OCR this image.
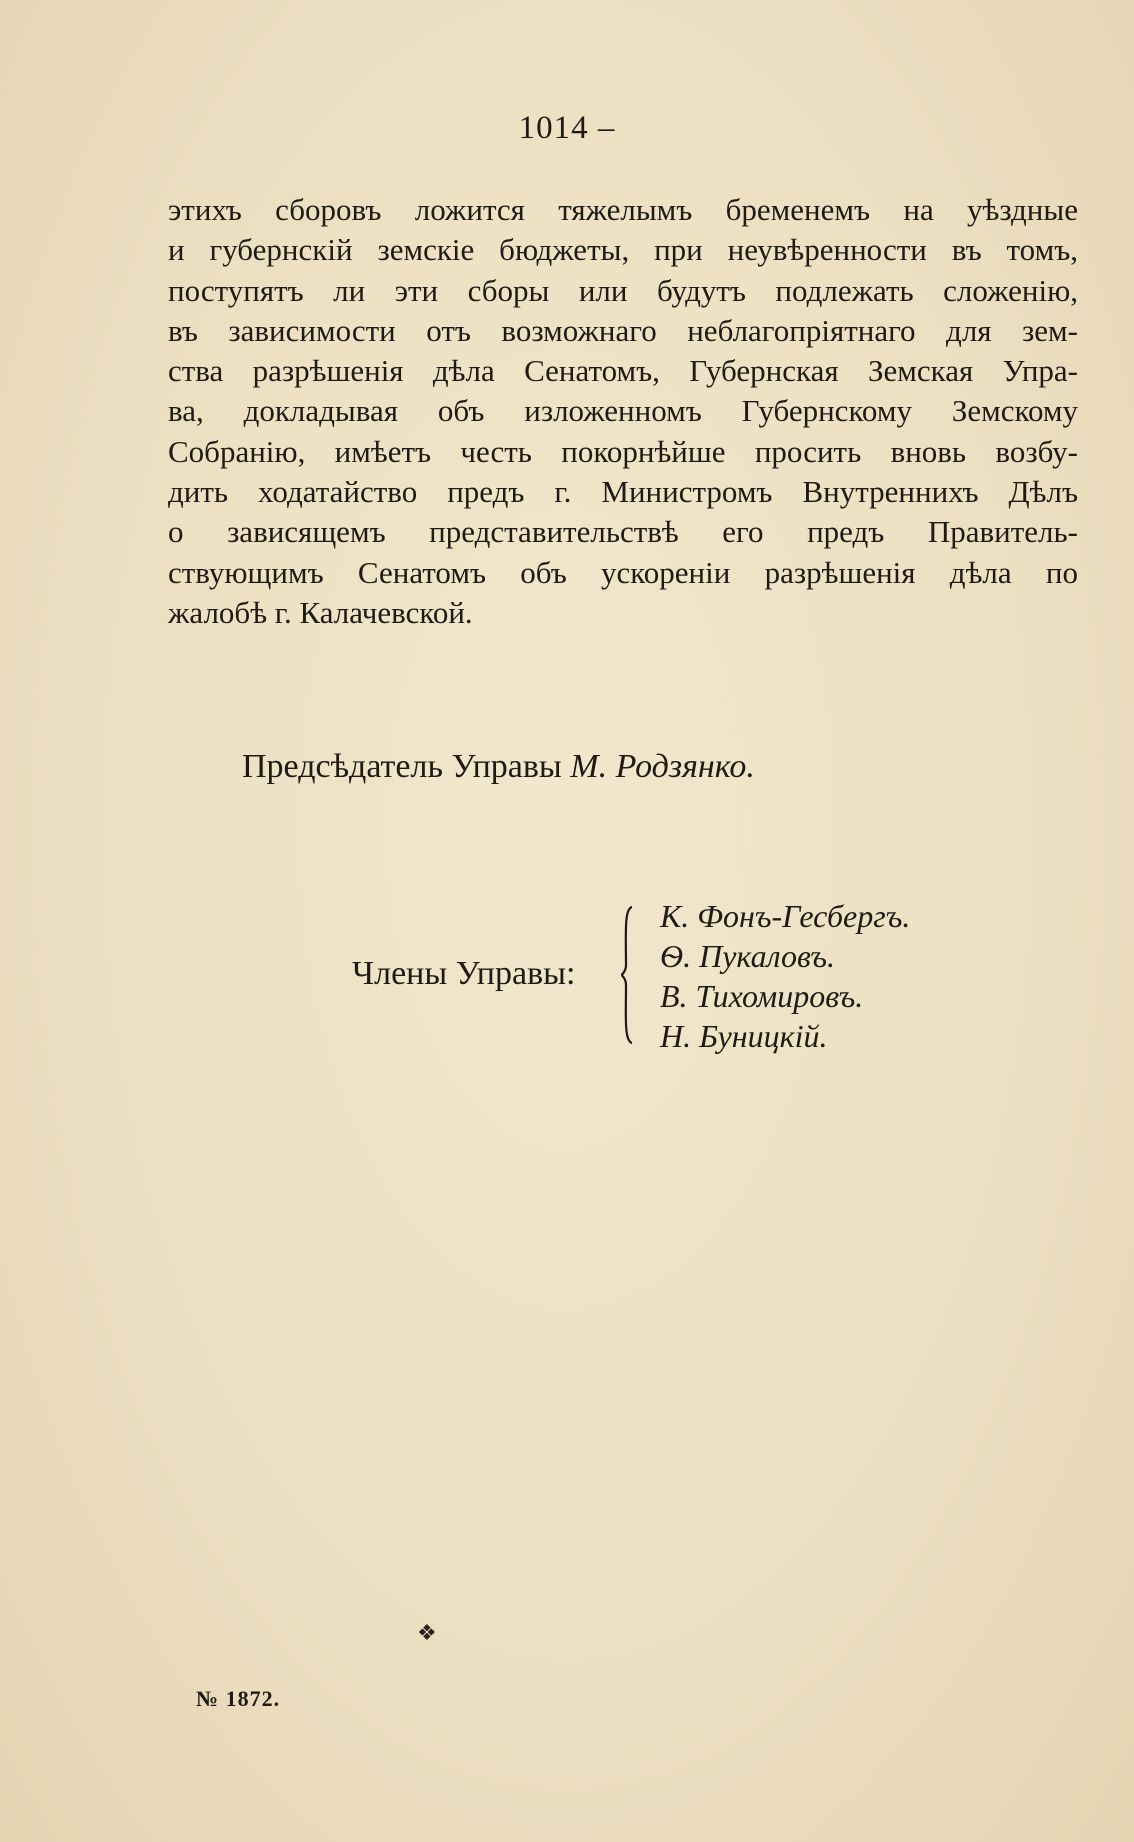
1014 –
этихъ сборовъ ложится тяжелымъ бременемъ на уѣздные
и губернскій земскіе бюджеты, при неувѣренности въ томъ,
поступятъ ли эти сборы или будутъ подлежать сложенію,
въ зависимости отъ возможнаго неблагопріятнаго для зем-
ства разрѣшенія дѣла Сенатомъ, Губернская Земская Упра-
ва, докладывая объ изложенномъ Губернскому Земскому
Собранію, имѣетъ честь покорнѣйше просить вновь возбу-
дить ходатайство предъ г. Министромъ Внутреннихъ Дѣлъ
о зависящемъ представительствѣ его предъ Правитель-
ствующимъ Сенатомъ объ ускореніи разрѣшенія дѣла по
жалобѣ г. Калачевской.
Предсѣдатель Управы М. Родзянко.
Члены Управы:
К. Фонъ-Гесбергъ.
Ѳ. Пукаловъ.
В. Тихомировъ.
Н. Буницкій.
❖
№ 1872.
